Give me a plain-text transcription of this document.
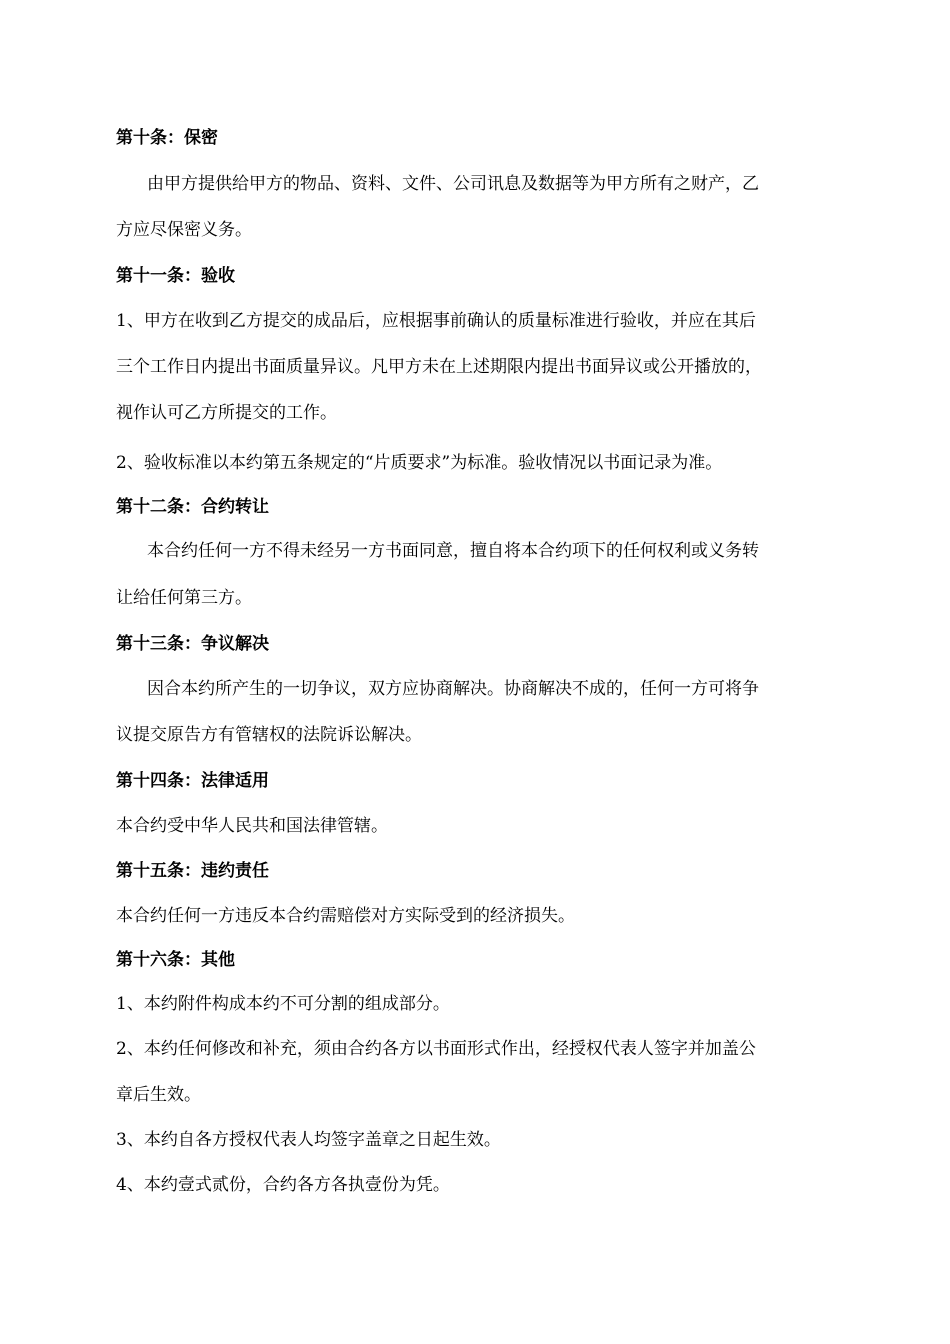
第十条：保密
由甲方提供给甲方的物品、资料、文件、公司讯息及数据等为甲方所有之财产，乙
方应尽保密义务。
第十一条：验收
1、甲方在收到乙方提交的成品后，应根据事前确认的质量标准进行验收，并应在其后
三个工作日内提出书面质量异议。凡甲方未在上述期限内提出书面异议或公开播放的，
视作认可乙方所提交的工作。
2、验收标准以本约第五条规定的“片质要求”为标准。验收情况以书面记录为准。
第十二条：合约转让
本合约任何一方不得未经另一方书面同意，擅自将本合约项下的任何权利或义务转
让给任何第三方。
第十三条：争议解决
因合本约所产生的一切争议，双方应协商解决。协商解决不成的，任何一方可将争
议提交原告方有管辖权的法院诉讼解决。
第十四条：法律适用
本合约受中华人民共和国法律管辖。
第十五条：违约责任
本合约任何一方违反本合约需赔偿对方实际受到的经济损失。
第十六条：其他
1、本约附件构成本约不可分割的组成部分。
2、本约任何修改和补充，须由合约各方以书面形式作出，经授权代表人签字并加盖公
章后生效。
3、本约自各方授权代表人均签字盖章之日起生效。
4、本约壹式贰份，合约各方各执壹份为凭。
